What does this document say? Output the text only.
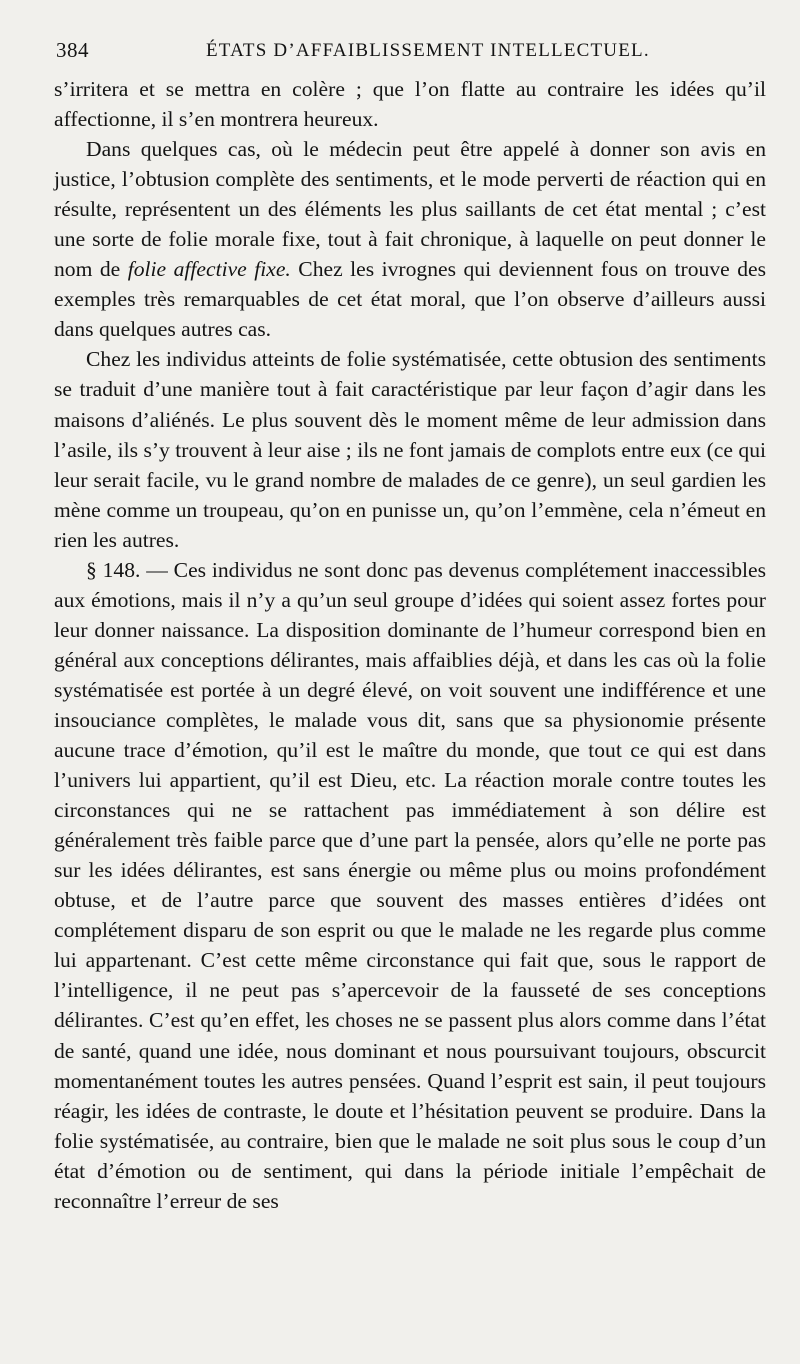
384	ÉTATS D’AFFAIBLISSEMENT INTELLECTUEL.

s’irritera et se mettra en colère ; que l’on flatte au contraire les idées qu’il affectionne, il s’en montrera heureux.

Dans quelques cas, où le médecin peut être appelé à donner son avis en justice, l’obtusion complète des sentiments, et le mode perverti de réaction qui en résulte, représentent un des éléments les plus saillants de cet état mental ; c’est une sorte de folie morale fixe, tout à fait chronique, à laquelle on peut donner le nom de folie affective fixe. Chez les ivrognes qui deviennent fous on trouve des exemples très remarquables de cet état moral, que l’on observe d’ailleurs aussi dans quelques autres cas.

Chez les individus atteints de folie systématisée, cette obtusion des sentiments se traduit d’une manière tout à fait caractéristique par leur façon d’agir dans les maisons d’aliénés. Le plus souvent dès le moment même de leur admission dans l’asile, ils s’y trouvent à leur aise ; ils ne font jamais de complots entre eux (ce qui leur serait facile, vu le grand nombre de malades de ce genre), un seul gardien les mène comme un troupeau, qu’on en punisse un, qu’on l’emmène, cela n’émeut en rien les autres.

§ 148. — Ces individus ne sont donc pas devenus complétement inaccessibles aux émotions, mais il n’y a qu’un seul groupe d’idées qui soient assez fortes pour leur donner naissance. La disposition dominante de l’humeur correspond bien en général aux conceptions délirantes, mais affaiblies déjà, et dans les cas où la folie systématisée est portée à un degré élevé, on voit souvent une indifférence et une insouciance complètes, le malade vous dit, sans que sa physionomie présente aucune trace d’émotion, qu’il est le maître du monde, que tout ce qui est dans l’univers lui appartient, qu’il est Dieu, etc. La réaction morale contre toutes les circonstances qui ne se rattachent pas immédiatement à son délire est généralement très faible parce que d’une part la pensée, alors qu’elle ne porte pas sur les idées délirantes, est sans énergie ou même plus ou moins profondément obtuse, et de l’autre parce que souvent des masses entières d’idées ont complétement disparu de son esprit ou que le malade ne les regarde plus comme lui appartenant. C’est cette même circonstance qui fait que, sous le rapport de l’intelligence, il ne peut pas s’apercevoir de la fausseté de ses conceptions délirantes. C’est qu’en effet, les choses ne se passent plus alors comme dans l’état de santé, quand une idée, nous dominant et nous poursuivant toujours, obscurcit momentanément toutes les autres pensées. Quand l’esprit est sain, il peut toujours réagir, les idées de contraste, le doute et l’hésitation peuvent se produire. Dans la folie systématisée, au contraire, bien que le malade ne soit plus sous le coup d’un état d’émotion ou de sentiment, qui dans la période initiale l’empêchait de reconnaître l’erreur de ses
